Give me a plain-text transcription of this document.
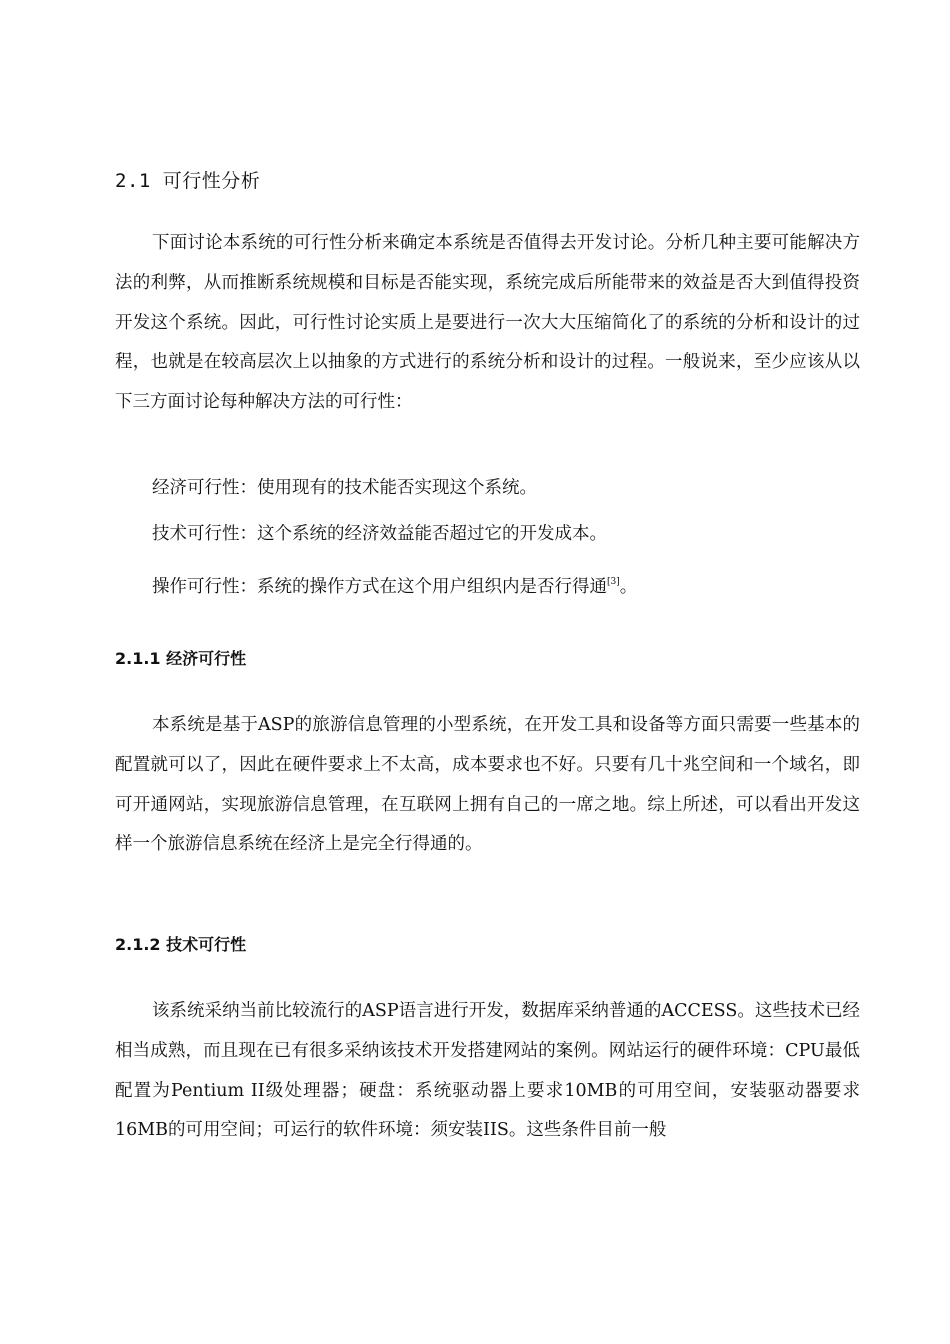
2.1 可行性分析

下面讨论本系统的可行性分析来确定本系统是否值得去开发讨论。分析几种主要可能解决方法的利弊，从而推断系统规模和目标是否能实现，系统完成后所能带来的效益是否大到值得投资开发这个系统。因此，可行性讨论实质上是要进行一次大大压缩简化了的系统的分析和设计的过程，也就是在较高层次上以抽象的方式进行的系统分析和设计的过程。一般说来，至少应该从以下三方面讨论每种解决方法的可行性：

经济可行性：使用现有的技术能否实现这个系统。
技术可行性：这个系统的经济效益能否超过它的开发成本。
操作可行性：系统的操作方式在这个用户组织内是否行得通[3]。
2.1.1 经济可行性

本系统是基于ASP的旅游信息管理的小型系统，在开发工具和设备等方面只需要一些基本的配置就可以了，因此在硬件要求上不太高，成本要求也不好。只要有几十兆空间和一个域名，即可开通网站，实现旅游信息管理，在互联网上拥有自己的一席之地。综上所述，可以看出开发这样一个旅游信息系统在经济上是完全行得通的。

2.1.2 技术可行性

该系统采纳当前比较流行的ASP语言进行开发，数据库采纳普通的ACCESS。这些技术已经相当成熟，而且现在已有很多采纳该技术开发搭建网站的案例。网站运行的硬件环境：CPU最低配置为Pentium II级处理器；硬盘：系统驱动器上要求10MB的可用空间，安装驱动器要求16MB的可用空间；可运行的软件环境：须安装IIS。这些条件目前一般
